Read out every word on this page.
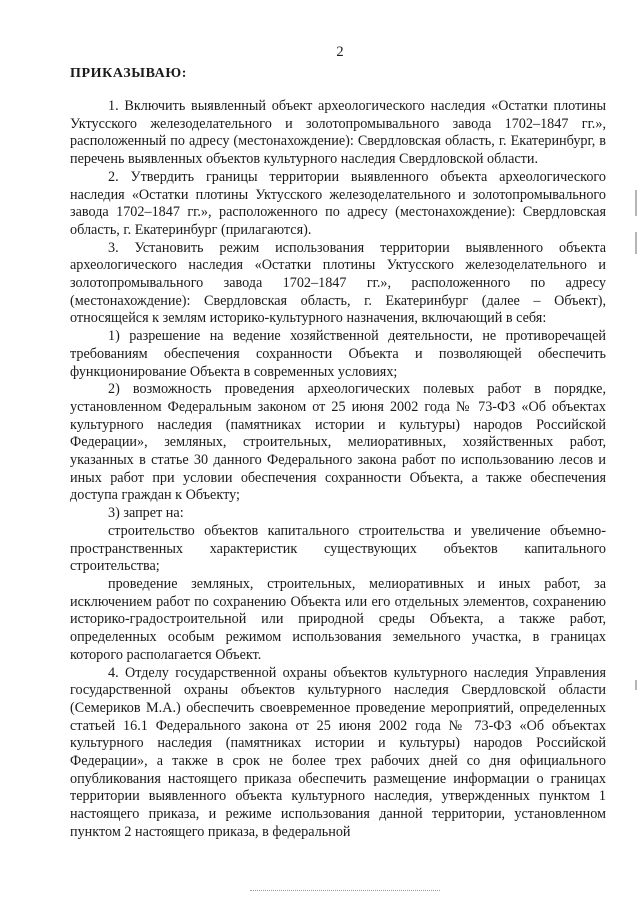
2
ПРИКАЗЫВАЮ:

1. Включить выявленный объект археологического наследия «Остатки плотины Уктусского железоделательного и золотопромывального завода 1702–1847 гг.», расположенный по адресу (местонахождение): Свердловская область, г. Екатеринбург, в перечень выявленных объектов культурного наследия Свердловской области.

2. Утвердить границы территории выявленного объекта археологического наследия «Остатки плотины Уктусского железоделательного и золотопромывального завода 1702–1847 гг.», расположенного по адресу (местонахождение): Свердловская область, г. Екатеринбург (прилагаются).

3. Установить режим использования территории выявленного объекта археологического наследия «Остатки плотины Уктусского железоделательного и золотопромывального завода 1702–1847 гг.», расположенного по адресу (местонахождение): Свердловская область, г. Екатеринбург (далее – Объект), относящейся к землям историко-культурного назначения, включающий в себя:

1) разрешение на ведение хозяйственной деятельности, не противоречащей требованиям обеспечения сохранности Объекта и позволяющей обеспечить функционирование Объекта в современных условиях;

2) возможность проведения археологических полевых работ в порядке, установленном Федеральным законом от 25 июня 2002 года № 73-ФЗ «Об объектах культурного наследия (памятниках истории и культуры) народов Российской Федерации», земляных, строительных, мелиоративных, хозяйственных работ, указанных в статье 30 данного Федерального закона работ по использованию лесов и иных работ при условии обеспечения сохранности Объекта, а также обеспечения доступа граждан к Объекту;

3) запрет на:

строительство объектов капитального строительства и увеличение объемно-пространственных характеристик существующих объектов капитального строительства;

проведение земляных, строительных, мелиоративных и иных работ, за исключением работ по сохранению Объекта или его отдельных элементов, сохранению историко-градостроительной или природной среды Объекта, а также работ, определенных особым режимом использования земельного участка, в границах которого располагается Объект.

4. Отделу государственной охраны объектов культурного наследия Управления государственной охраны объектов культурного наследия Свердловской области (Семериков М.А.) обеспечить своевременное проведение мероприятий, определенных статьей 16.1 Федерального закона от 25 июня 2002 года № 73-ФЗ «Об объектах культурного наследия (памятниках истории и культуры) народов Российской Федерации», а также в срок не более трех рабочих дней со дня официального опубликования настоящего приказа обеспечить размещение информации о границах территории выявленного объекта культурного наследия, утвержденных пунктом 1 настоящего приказа, и режиме использования данной территории, установленном пунктом 2 настоящего приказа, в федеральной
